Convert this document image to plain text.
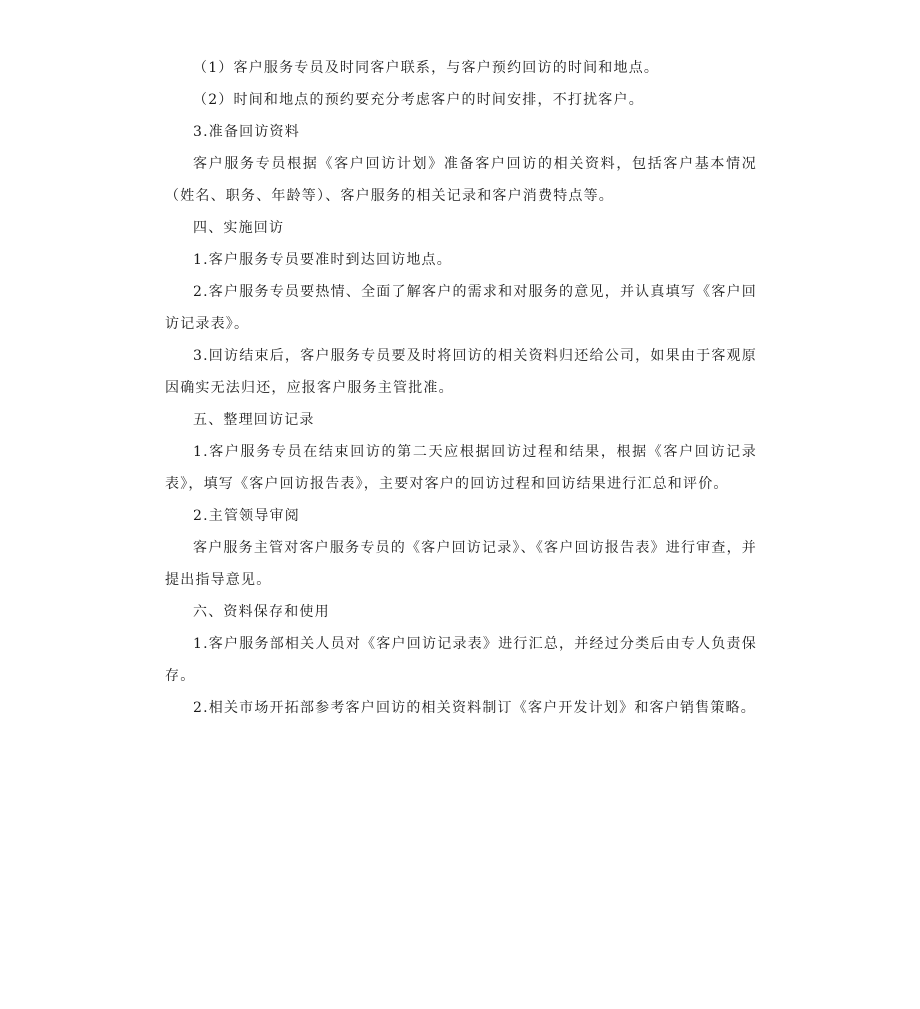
（1）客户服务专员及时同客户联系，与客户预约回访的时间和地点。

（2）时间和地点的预约要充分考虑客户的时间安排，不打扰客户。

3.准备回访资料

客户服务专员根据《客户回访计划》准备客户回访的相关资料，包括客户基本情况（姓名、职务、年龄等）、客户服务的相关记录和客户消费特点等。

四、实施回访

1.客户服务专员要准时到达回访地点。

2.客户服务专员要热情、全面了解客户的需求和对服务的意见，并认真填写《客户回访记录表》。

3.回访结束后，客户服务专员要及时将回访的相关资料归还给公司，如果由于客观原因确实无法归还，应报客户服务主管批准。

五、整理回访记录

1.客户服务专员在结束回访的第二天应根据回访过程和结果，根据《客户回访记录表》，填写《客户回访报告表》，主要对客户的回访过程和回访结果进行汇总和评价。

2.主管领导审阅

客户服务主管对客户服务专员的《客户回访记录》、《客户回访报告表》进行审查，并提出指导意见。

六、资料保存和使用

1.客户服务部相关人员对《客户回访记录表》进行汇总，并经过分类后由专人负责保存。

2.相关市场开拓部参考客户回访的相关资料制订《客户开发计划》和客户销售策略。
